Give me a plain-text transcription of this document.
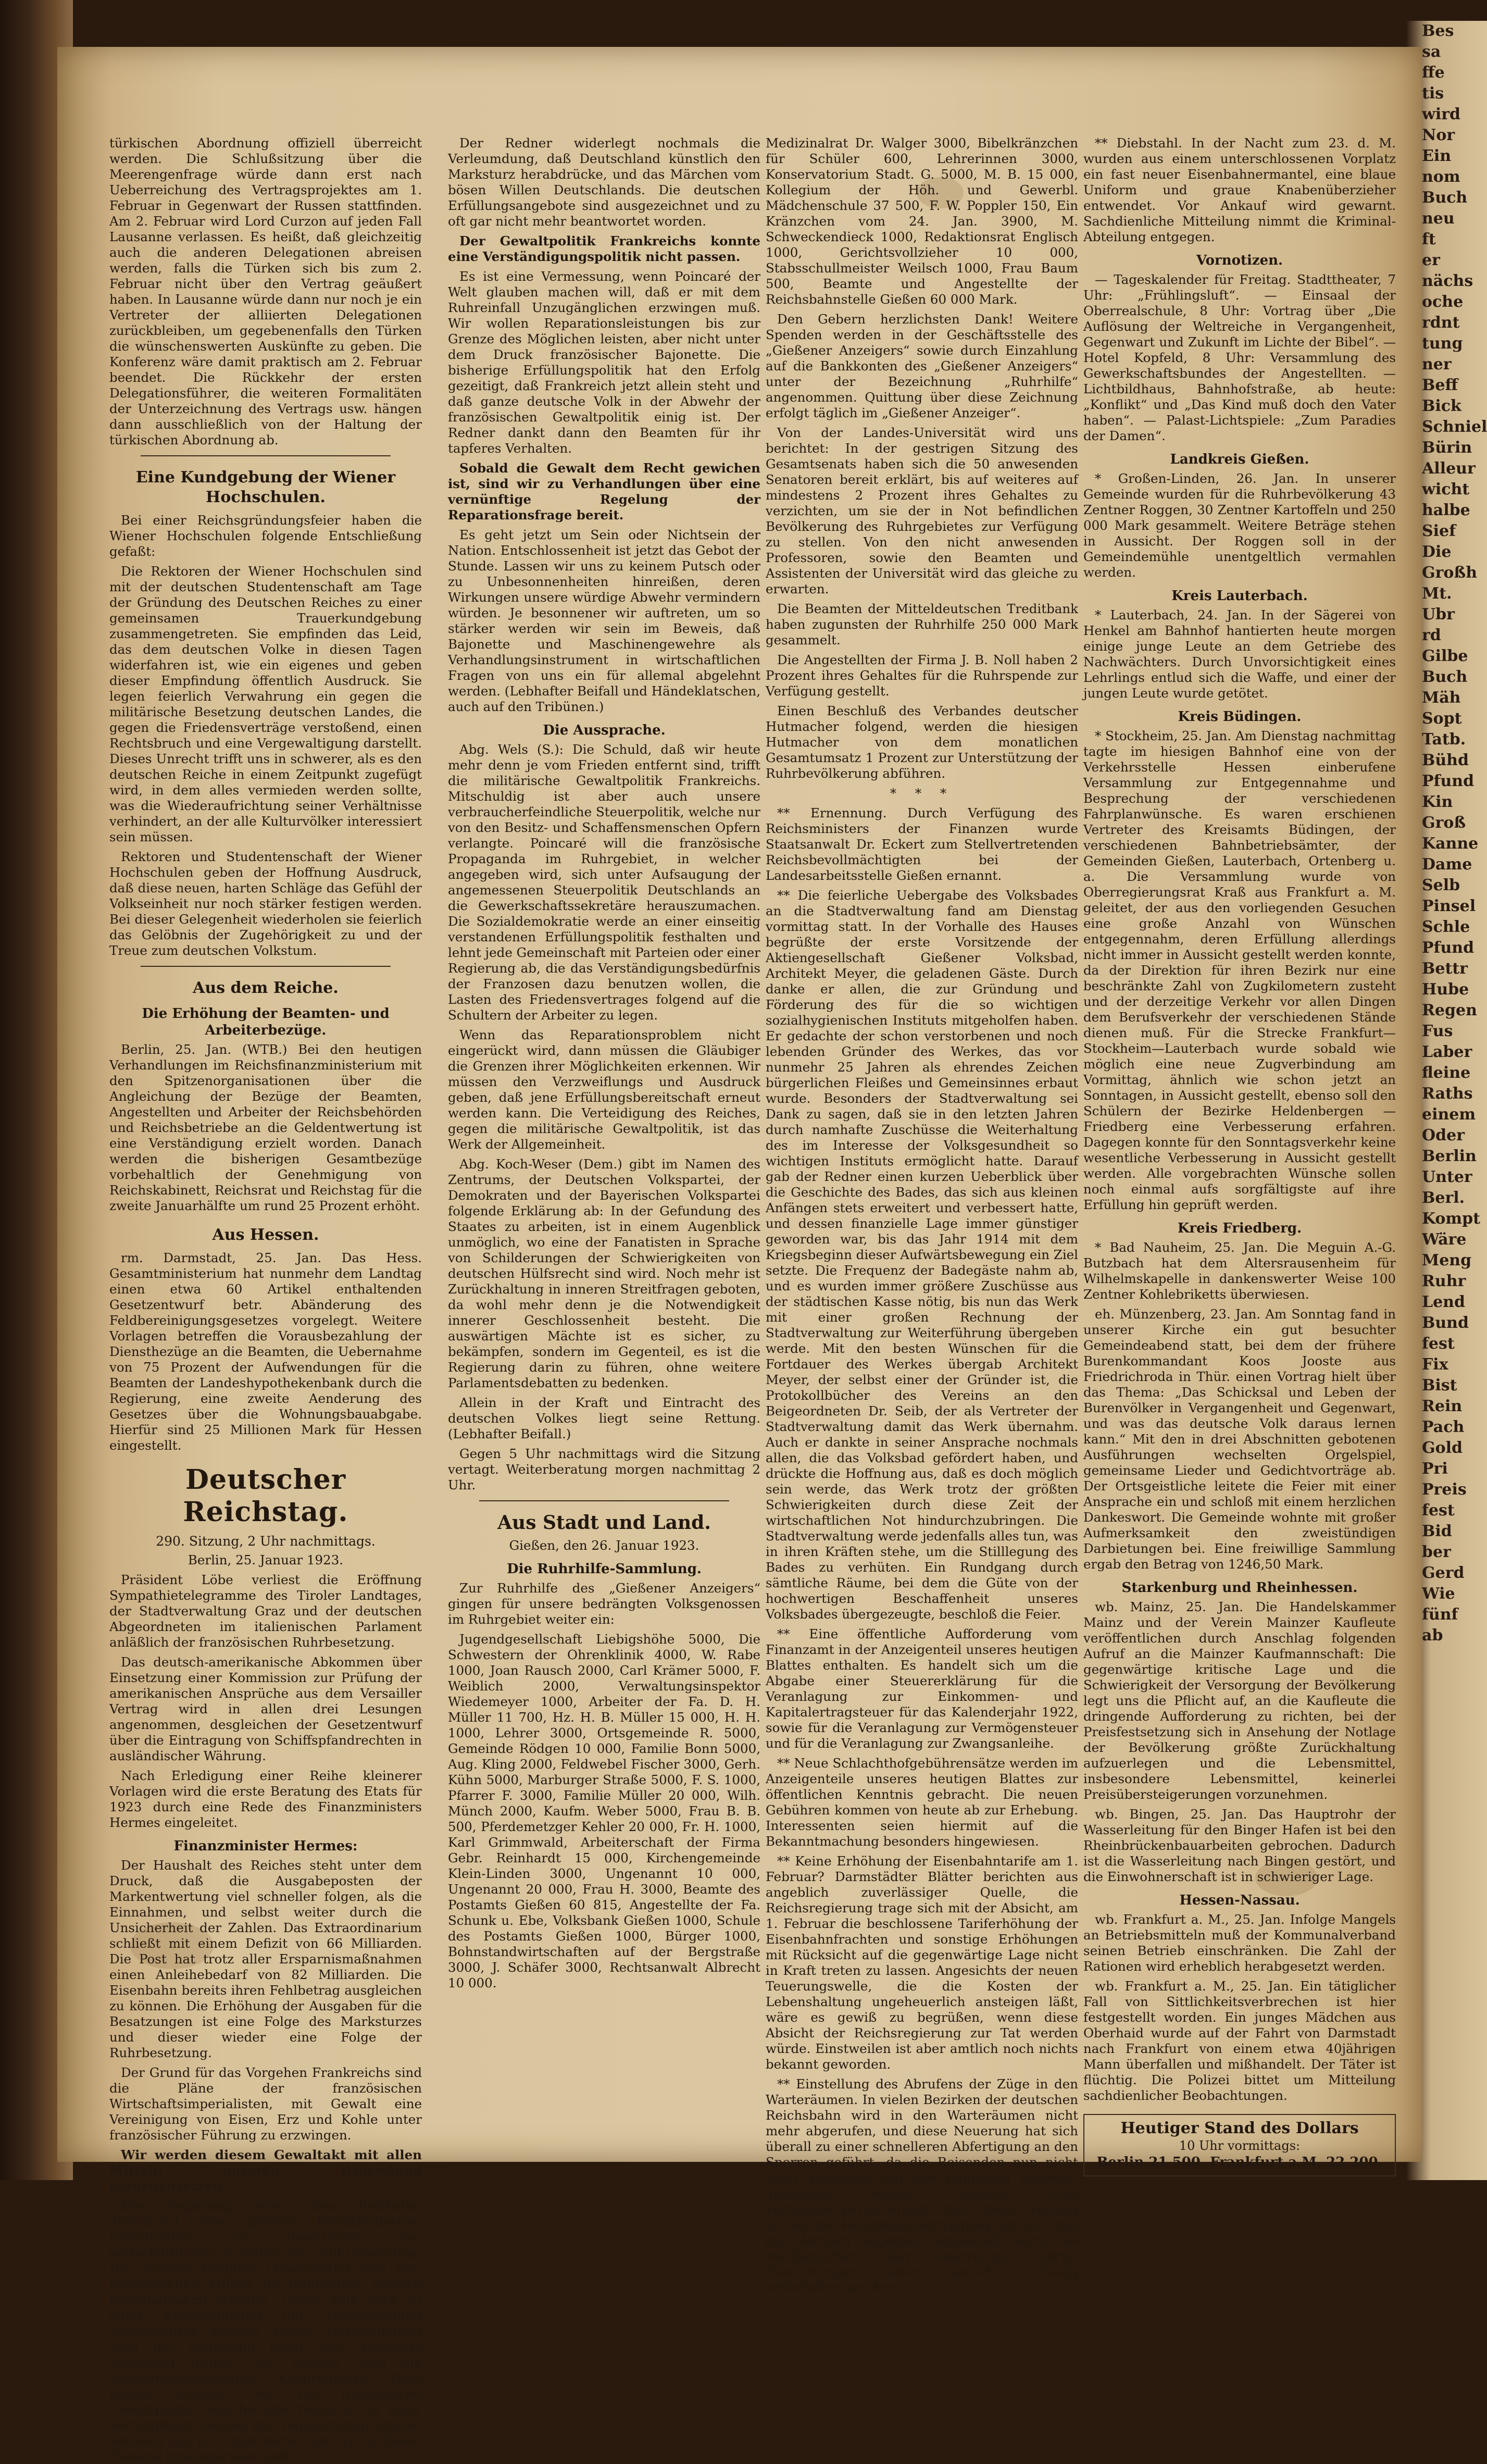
Bes
sa
ffe
tis
wird
Nor
Ein
nom
Buch
neu
ft
er
nächs
oche
rdnt
tung
ner
Beff
Bick
Schniel
Bürin
Alleur
wicht
halbe
Sief
Die
Großh
Mt.
Ubr
rd
Gilbe
Buch
Mäh
Sopt
Tatb.
Bühd
Pfund
Kin
Groß
Kanne
Dame
Selb
Pinsel
Schle
Pfund
Bettr
Hube
Regen
Fus
Laber
fleine
Raths
einem
Oder
Berlin
Unter
Berl.
Kompt
Wäre
Meng
Ruhr
Lend
Bund
fest
Fix
Bist
Rein
Pach
Gold
Pri
Preis
fest
Bid
ber
Gerd
Wie
fünf
ab

türkischen Abordnung offiziell überreicht werden. Die Schlußsitzung über die Meerengenfrage würde dann erst nach Ueberreichung des Vertragsprojektes am 1. Februar in Gegenwart der Russen stattfinden. Am 2. Februar wird Lord Curzon auf jeden Fall Lausanne verlassen. Es heißt, daß gleichzeitig auch die anderen Delegationen abreisen werden, falls die Türken sich bis zum 2. Februar nicht über den Vertrag geäußert haben. In Lausanne würde dann nur noch je ein Vertreter der alliierten Delegationen zurückbleiben, um gegebenenfalls den Türken die wünschenswerten Auskünfte zu geben. Die Konferenz wäre damit praktisch am 2. Februar beendet. Die Rückkehr der ersten Delegationsführer, die weiteren Formalitäten der Unterzeichnung des Vertrags usw. hängen dann ausschließlich von der Haltung der türkischen Abordnung ab.

Eine Kundgebung der Wiener Hochschulen.

Bei einer Reichsgründungsfeier haben die Wiener Hochschulen folgende Entschließung gefaßt:

Die Rektoren der Wiener Hochschulen sind mit der deutschen Studentenschaft am Tage der Gründung des Deutschen Reiches zu einer gemeinsamen Trauerkundgebung zusammengetreten. Sie empfinden das Leid, das dem deutschen Volke in diesen Tagen widerfahren ist, wie ein eigenes und geben dieser Empfindung öffentlich Ausdruck. Sie legen feierlich Verwahrung ein gegen die militärische Besetzung deutschen Landes, die gegen die Friedensverträge verstoßend, einen Rechtsbruch und eine Vergewaltigung darstellt. Dieses Unrecht trifft uns in schwerer, als es den deutschen Reiche in einem Zeitpunkt zugefügt wird, in dem alles vermieden werden sollte, was die Wiederaufrichtung seiner Verhältnisse verhindert, an der alle Kulturvölker interessiert sein müssen.

Rektoren und Studentenschaft der Wiener Hochschulen geben der Hoffnung Ausdruck, daß diese neuen, harten Schläge das Gefühl der Volkseinheit nur noch stärker festigen werden. Bei dieser Gelegenheit wiederholen sie feierlich das Gelöbnis der Zugehörigkeit zu und der Treue zum deutschen Volkstum.

Aus dem Reiche.
Die Erhöhung der Beamten- und Arbeiterbezüge.

Berlin, 25. Jan. (WTB.) Bei den heutigen Verhandlungen im Reichsfinanzministerium mit den Spitzenorganisationen über die Angleichung der Bezüge der Beamten, Angestellten und Arbeiter der Reichsbehörden und Reichsbetriebe an die Geldentwertung ist eine Verständigung erzielt worden. Danach werden die bisherigen Gesamtbezüge vorbehaltlich der Genehmigung von Reichskabinett, Reichsrat und Reichstag für die zweite Januarhälfte um rund 25 Prozent erhöht.

Aus Hessen.

rm. Darmstadt, 25. Jan. Das Hess. Gesamtministerium hat nunmehr dem Landtag einen etwa 60 Artikel enthaltenden Gesetzentwurf betr. Abänderung des Feldbereinigungsgesetzes vorgelegt. Weitere Vorlagen betreffen die Vorausbezahlung der Diensthezüge an die Beamten, die Uebernahme von 75 Prozent der Aufwendungen für die Beamten der Landeshypothekenbank durch die Regierung, eine zweite Aenderung des Gesetzes über die Wohnungsbauabgabe. Hierfür sind 25 Millionen Mark für Hessen eingestellt.

Deutscher Reichstag.
290. Sitzung, 2 Uhr nachmittags.

Berlin, 25. Januar 1923.

Präsident Löbe verliest die Eröffnung Sympathietelegramme des Tiroler Landtages, der Stadtverwaltung Graz und der deutschen Abgeordneten im italienischen Parlament anläßlich der französischen Ruhrbesetzung.

Das deutsch-amerikanische Abkommen über Einsetzung einer Kommission zur Prüfung der amerikanischen Ansprüche aus dem Versailler Vertrag wird in allen drei Lesungen angenommen, desgleichen der Gesetzentwurf über die Eintragung von Schiffspfandrechten in ausländischer Währung.

Nach Erledigung einer Reihe kleinerer Vorlagen wird die erste Beratung des Etats für 1923 durch eine Rede des Finanzministers Hermes eingeleitet.

Finanzminister Hermes:

Der Haushalt des Reiches steht unter dem Druck, daß die Ausgabeposten der Markentwertung viel schneller folgen, als die Einnahmen, und selbst weiter durch die Unsicherheit der Zahlen. Das Extraordinarium schließt mit einem Defizit von 66 Milliarden. Die Post hat trotz aller Ersparnismaßnahmen einen Anleihebedarf von 82 Milliarden. Die Eisenbahn bereits ihren Fehlbetrag ausgleichen zu können. Die Erhöhung der Ausgaben für die Besatzungen ist eine Folge des Marksturzes und dieser wieder eine Folge der Ruhrbesetzung.

Der Grund für das Vorgehen Frankreichs sind die Pläne der französischen Wirtschaftsimperialisten, mit Gewalt eine Vereinigung von Eisen, Erz und Kohle unter französischer Führung zu erzwingen.

Wir werden diesem Gewaltakt mit allen Mitteln unseren Widerstand entgegensetzen.

Die Regierung wird dem Reichstag demnächst eine größere Kreditforderung unterbreiten zur Beseitigung der wirtschaftlichen Schäden der Ruhrbesetzung. Die ohnehin knappen Lebensmittel sind vom französischen Militär im Ruhrgebiet vielfach beschlagnahmt worden. Unser Volk wird zu einer Einschränkung der Lebenshaltung zurückkehren müssen. Dieser Notwendigkeit wird die Regierung durch ein Notgesetz Rechnung tragen. Wir werden auch die zusammenbrechenden Kleinrentnern Hilfe leisten müssen. Nur die französische Gewaltpolitik, welche alle Versuche zu einer vernünftigen Lösung der Reparationsprobleme vereitelt hat, ist schuld daran, daß wir in diesen Zustand hineingeraten sind.

Der Redner widerlegt nochmals die Verleumdung, daß Deutschland künstlich den Marksturz herabdrücke, und das Märchen vom bösen Willen Deutschlands. Die deutschen Erfüllungsangebote sind ausgezeichnet und zu oft gar nicht mehr beantwortet worden.

Der Gewaltpolitik Frankreichs konnte eine Verständigungspolitik nicht passen.

Es ist eine Vermessung, wenn Poincaré der Welt glauben machen will, daß er mit dem Ruhreinfall Unzugänglichen erzwingen muß. Wir wollen Reparationsleistungen bis zur Grenze des Möglichen leisten, aber nicht unter dem Druck französischer Bajonette. Die bisherige Erfüllungspolitik hat den Erfolg gezeitigt, daß Frankreich jetzt allein steht und daß ganze deutsche Volk in der Abwehr der französischen Gewaltpolitik einig ist. Der Redner dankt dann den Beamten für ihr tapferes Verhalten.

Sobald die Gewalt dem Recht gewichen ist, sind wir zu Verhandlungen über eine vernünftige Regelung der Reparationsfrage bereit.

Es geht jetzt um Sein oder Nichtsein der Nation. Entschlossenheit ist jetzt das Gebot der Stunde. Lassen wir uns zu keinem Putsch oder zu Unbesonnenheiten hinreißen, deren Wirkungen unsere würdige Abwehr vermindern würden. Je besonnener wir auftreten, um so stärker werden wir sein im Beweis, daß Bajonette und Maschinengewehre als Verhandlungsinstrument in wirtschaftlichen Fragen von uns ein für allemal abgelehnt werden. (Lebhafter Beifall und Händeklatschen, auch auf den Tribünen.)

Die Aussprache.

Abg. Wels (S.): Die Schuld, daß wir heute mehr denn je vom Frieden entfernt sind, trifft die militärische Gewaltpolitik Frankreichs. Mitschuldig ist aber auch unsere verbraucherfeindliche Steuerpolitik, welche nur von den Besitz- und Schaffensmenschen Opfern verlangte. Poincaré will die französische Propaganda im Ruhrgebiet, in welcher angegeben wird, sich unter Aufsaugung der angemessenen Steuerpolitik Deutschlands an die Gewerkschaftssekretäre herauszumachen. Die Sozialdemokratie werde an einer einseitig verstandenen Erfüllungspolitik festhalten und lehnt jede Gemeinschaft mit Parteien oder einer Regierung ab, die das Verständigungsbedürfnis der Franzosen dazu benutzen wollen, die Lasten des Friedensvertrages folgend auf die Schultern der Arbeiter zu legen.

Wenn das Reparationsproblem nicht eingerückt wird, dann müssen die Gläubiger die Grenzen ihrer Möglichkeiten erkennen. Wir müssen den Verzweiflungs und Ausdruck geben, daß jene Erfüllungsbereitschaft erneut werden kann. Die Verteidigung des Reiches, gegen die militärische Gewaltpolitik, ist das Werk der Allgemeinheit.

Abg. Koch-Weser (Dem.) gibt im Namen des Zentrums, der Deutschen Volkspartei, der Demokraten und der Bayerischen Volkspartei folgende Erklärung ab: In der Gefundung des Staates zu arbeiten, ist in einem Augenblick unmöglich, wo eine der Fanatisten in Sprache von Schilderungen der Schwierigkeiten von deutschen Hülfsrecht sind wird. Noch mehr ist Zurückhaltung in inneren Streitfragen geboten, da wohl mehr denn je die Notwendigkeit innerer Geschlossenheit besteht. Die auswärtigen Mächte ist es sicher, zu bekämpfen, sondern im Gegenteil, es ist die Regierung darin zu führen, ohne weitere Parlamentsdebatten zu bedenken.

Allein in der Kraft und Eintracht des deutschen Volkes liegt seine Rettung. (Lebhafter Beifall.)

Gegen 5 Uhr nachmittags wird die Sitzung vertagt. Weiterberatung morgen nachmittag 2 Uhr.

Aus Stadt und Land.

Gießen, den 26. Januar 1923.

Die Ruhrhilfe-Sammlung.

Zur Ruhrhilfe des „Gießener Anzeigers“ gingen für unsere bedrängten Volksgenossen im Ruhrgebiet weiter ein:

Jugendgesellschaft Liebigshöhe 5000, Die Schwestern der Ohrenklinik 4000, W. Rabe 1000, Joan Rausch 2000, Carl Krämer 5000, F. Weiblich 2000, Verwaltungsinspektor Wiedemeyer 1000, Arbeiter der Fa. D. H. Müller 11 700, Hz. H. B. Müller 15 000, H. H. 1000, Lehrer 3000, Ortsgemeinde R. 5000, Gemeinde Rödgen 10 000, Familie Bonn 5000, Aug. Kling 2000, Feldwebel Fischer 3000, Gerh. Kühn 5000, Marburger Straße 5000, F. S. 1000, Pfarrer F. 3000, Familie Müller 20 000, Wilh. Münch 2000, Kaufm. Weber 5000, Frau B. B. 500, Pferdemetzger Kehler 20 000, Fr. H. 1000, Karl Grimmwald, Arbeiterschaft der Firma Gebr. Reinhardt 15 000, Kirchengemeinde Klein-Linden 3000, Ungenannt 10 000, Ungenannt 20 000, Frau H. 3000, Beamte des Postamts Gießen 60 815, Angestellte der Fa. Schunk u. Ebe, Volksbank Gießen 1000, Schule des Postamts Gießen 1000, Bürger 1000, Bohnstandwirtschaften auf der Bergstraße 3000, J. Schäfer 3000, Rechtsanwalt Albrecht 10 000.

Medizinalrat Dr. Walger 3000, Bibelkränzchen für Schüler 600, Lehrerinnen 3000, Konservatorium Stadt. G. 5000, M. B. 15 000, Kollegium der Höh. und Gewerbl. Mädchenschule 37 500, F. W. Poppler 150, Ein Kränzchen vom 24. Jan. 3900, M. Schweckendieck 1000, Redaktionsrat Englisch 1000, Gerichtsvollzieher 10 000, Stabsschullmeister Weilsch 1000, Frau Baum 500, Beamte und Angestellte der Reichsbahnstelle Gießen 60 000 Mark.

Den Gebern herzlichsten Dank! Weitere Spenden werden in der Geschäftsstelle des „Gießener Anzeigers“ sowie durch Einzahlung auf die Bankkonten des „Gießener Anzeigers“ unter der Bezeichnung „Ruhrhilfe“ angenommen. Quittung über diese Zeichnung erfolgt täglich im „Gießener Anzeiger“.

Von der Landes-Universität wird uns berichtet: In der gestrigen Sitzung des Gesamtsenats haben sich die 50 anwesenden Senatoren bereit erklärt, bis auf weiteres auf mindestens 2 Prozent ihres Gehaltes zu verzichten, um sie der in Not befindlichen Bevölkerung des Ruhrgebietes zur Verfügung zu stellen. Von den nicht anwesenden Professoren, sowie den Beamten und Assistenten der Universität wird das gleiche zu erwarten.

Die Beamten der Mitteldeutschen Treditbank haben zugunsten der Ruhrhilfe 250 000 Mark gesammelt.

Die Angestellten der Firma J. B. Noll haben 2 Prozent ihres Gehaltes für die Ruhrspende zur Verfügung gestellt.

Einen Beschluß des Verbandes deutscher Hutmacher folgend, werden die hiesigen Hutmacher von dem monatlichen Gesamtumsatz 1 Prozent zur Unterstützung der Ruhrbevölkerung abführen.

* * *

** Ernennung. Durch Verfügung des Reichsministers der Finanzen wurde Staatsanwalt Dr. Eckert zum Stellvertretenden Reichsbevollmächtigten bei der Landesarbeitsstelle Gießen ernannt.

** Die feierliche Uebergabe des Volksbades an die Stadtverwaltung fand am Dienstag vormittag statt. In der Vorhalle des Hauses begrüßte der erste Vorsitzende der Aktiengesellschaft Gießener Volksbad, Architekt Meyer, die geladenen Gäste. Durch danke er allen, die zur Gründung und Förderung des für die so wichtigen sozialhygienischen Instituts mitgeholfen haben. Er gedachte der schon verstorbenen und noch lebenden Gründer des Werkes, das vor nunmehr 25 Jahren als ehrendes Zeichen bürgerlichen Fleißes und Gemeinsinnes erbaut wurde. Besonders der Stadtverwaltung sei Dank zu sagen, daß sie in den letzten Jahren durch namhafte Zuschüsse die Weiterhaltung des im Interesse der Volksgesundheit so wichtigen Instituts ermöglicht hatte. Darauf gab der Redner einen kurzen Ueberblick über die Geschichte des Bades, das sich aus kleinen Anfängen stets erweitert und verbessert hatte, und dessen finanzielle Lage immer günstiger geworden war, bis das Jahr 1914 mit dem Kriegsbeginn dieser Aufwärtsbewegung ein Ziel setzte. Die Frequenz der Badegäste nahm ab, und es wurden immer größere Zuschüsse aus der städtischen Kasse nötig, bis nun das Werk mit einer großen Rechnung der Stadtverwaltung zur Weiterführung übergeben werde. Mit den besten Wünschen für die Fortdauer des Werkes übergab Architekt Meyer, der selbst einer der Gründer ist, die Protokollbücher des Vereins an den Beigeordneten Dr. Seib, der als Vertreter der Stadtverwaltung damit das Werk übernahm. Auch er dankte in seiner Ansprache nochmals allen, die das Volksbad gefördert haben, und drückte die Hoffnung aus, daß es doch möglich sein werde, das Werk trotz der größten Schwierigkeiten durch diese Zeit der wirtschaftlichen Not hindurchzubringen. Die Stadtverwaltung werde jedenfalls alles tun, was in ihren Kräften stehe, um die Stilllegung des Bades zu verhüten. Ein Rundgang durch sämtliche Räume, bei dem die Güte von der hochwertigen Beschaffenheit unseres Volksbades übergezeugte, beschloß die Feier.

** Eine öffentliche Aufforderung vom Finanzamt in der Anzeigenteil unseres heutigen Blattes enthalten. Es handelt sich um die Abgabe einer Steuererklärung für die Veranlagung zur Einkommen- und Kapitalertragsteuer für das Kalenderjahr 1922, sowie für die Veranlagung zur Vermögensteuer und für die Veranlagung zur Zwangsanleihe.

** Neue Schlachthofgebührensätze werden im Anzeigenteile unseres heutigen Blattes zur öffentlichen Kenntnis gebracht. Die neuen Gebühren kommen von heute ab zur Erhebung. Interessenten seien hiermit auf die Bekanntmachung besonders hingewiesen.

** Keine Erhöhung der Eisenbahntarife am 1. Februar? Darmstädter Blätter berichten aus angeblich zuverlässiger Quelle, die Reichsregierung trage sich mit der Absicht, am 1. Februar die beschlossene Tariferhöhung der Eisenbahnfrachten und sonstige Erhöhungen mit Rücksicht auf die gegenwärtige Lage nicht in Kraft treten zu lassen. Angesichts der neuen Teuerungswelle, die die Kosten der Lebenshaltung ungeheuerlich ansteigen läßt, wäre es gewiß zu begrüßen, wenn diese Absicht der Reichsregierung zur Tat werden würde. Einstweilen ist aber amtlich noch nichts bekannt geworden.

** Einstellung des Abrufens der Züge in den Warteräumen. In vielen Bezirken der deutschen Reichsbahn wird in den Warteräumen nicht mehr abgerufen, und diese Neuerung hat sich überall zu einer schnelleren Abfertigung an den Sperren geführt, da die Reisenden nun nicht mehr stoßweise auf den Bahnsteig stürmen; außerdem wurde dadurch eine Personalersparnis erzielt. Auch diese Ordnung ist bei der Reichsbahnverwaltung mitteilt, daß das Abrufen allgemein eingestellt wird; die mechanischen oder elektrischen Abruf-Einrichtungen sollen jedoch vorläufig beibehalten werden.

** Diebstahl. In der Nacht zum 23. d. M. wurden aus einem unterschlossenen Vorplatz ein fast neuer Eisenbahnermantel, eine blaue Uniform und graue Knabenüberzieher entwendet. Vor Ankauf wird gewarnt. Sachdienliche Mitteilung nimmt die Kriminal-Abteilung entgegen.

Vornotizen.

— Tageskalender für Freitag. Stadttheater, 7 Uhr: „Frühlingsluft“. — Einsaal der Oberrealschule, 8 Uhr: Vortrag über „Die Auflösung der Weltreiche in Vergangenheit, Gegenwart und Zukunft im Lichte der Bibel“. — Hotel Kopfeld, 8 Uhr: Versammlung des Gewerkschaftsbundes der Angestellten. — Lichtbildhaus, Bahnhofstraße, ab heute: „Konflikt“ und „Das Kind muß doch den Vater haben“. — Palast-Lichtspiele: „Zum Paradies der Damen“.

Landkreis Gießen.

* Großen-Linden, 26. Jan. In unserer Gemeinde wurden für die Ruhrbevölkerung 43 Zentner Roggen, 30 Zentner Kartoffeln und 250 000 Mark gesammelt. Weitere Beträge stehen in Aussicht. Der Roggen soll in der Gemeindemühle unentgeltlich vermahlen werden.

Kreis Lauterbach.

* Lauterbach, 24. Jan. In der Sägerei von Henkel am Bahnhof hantierten heute morgen einige junge Leute an dem Getriebe des Nachwächters. Durch Unvorsichtigkeit eines Lehrlings entlud sich die Waffe, und einer der jungen Leute wurde getötet.

Kreis Büdingen.

* Stockheim, 25. Jan. Am Dienstag nachmittag tagte im hiesigen Bahnhof eine von der Verkehrsstelle Hessen einberufene Versammlung zur Entgegennahme und Besprechung der verschiedenen Fahrplanwünsche. Es waren erschienen Vertreter des Kreisamts Büdingen, der verschiedenen Bahnbetriebsämter, der Gemeinden Gießen, Lauterbach, Ortenberg u. a. Die Versammlung wurde von Oberregierungsrat Kraß aus Frankfurt a. M. geleitet, der aus den vorliegenden Gesuchen eine große Anzahl von Wünschen entgegennahm, deren Erfüllung allerdings nicht immer in Aussicht gestellt werden konnte, da der Direktion für ihren Bezirk nur eine beschränkte Zahl von Zugkilometern zusteht und der derzeitige Verkehr vor allen Dingen dem Berufsverkehr der verschiedenen Stände dienen muß. Für die Strecke Frankfurt—Stockheim—Lauterbach wurde sobald wie möglich eine neue Zugverbindung am Vormittag, ähnlich wie schon jetzt an Sonntagen, in Aussicht gestellt, ebenso soll den Schülern der Bezirke Heldenbergen — Friedberg eine Verbesserung erfahren. Dagegen konnte für den Sonntagsverkehr keine wesentliche Verbesserung in Aussicht gestellt werden. Alle vorgebrachten Wünsche sollen noch einmal aufs sorgfältigste auf ihre Erfüllung hin geprüft werden.

Kreis Friedberg.

* Bad Nauheim, 25. Jan. Die Meguin A.-G. Butzbach hat dem Altersrausenheim für Wilhelmskapelle in dankenswerter Weise 100 Zentner Kohlebriketts überwiesen.

eh. Münzenberg, 23. Jan. Am Sonntag fand in unserer Kirche ein gut besuchter Gemeindeabend statt, bei dem der frühere Burenkommandant Koos Jooste aus Friedrichroda in Thür. einen Vortrag hielt über das Thema: „Das Schicksal und Leben der Burenvölker in Vergangenheit und Gegenwart, und was das deutsche Volk daraus lernen kann.“ Mit den in drei Abschnitten gebotenen Ausführungen wechselten Orgelspiel, gemeinsame Lieder und Gedichtvorträge ab. Der Ortsgeistliche leitete die Feier mit einer Ansprache ein und schloß mit einem herzlichen Dankeswort. Die Gemeinde wohnte mit großer Aufmerksamkeit den zweistündigen Darbietungen bei. Eine freiwillige Sammlung ergab den Betrag von 1246,50 Mark.

Starkenburg und Rheinhessen.

wb. Mainz, 25. Jan. Die Handelskammer Mainz und der Verein Mainzer Kaufleute veröffentlichen durch Anschlag folgenden Aufruf an die Mainzer Kaufmannschaft: Die gegenwärtige kritische Lage und die Schwierigkeit der Versorgung der Bevölkerung legt uns die Pflicht auf, an die Kaufleute die dringende Aufforderung zu richten, bei der Preisfestsetzung sich in Ansehung der Notlage der Bevölkerung größte Zurückhaltung aufzuerlegen und die Lebensmittel, insbesondere Lebensmittel, keinerlei Preisübersteigerungen vorzunehmen.

wb. Bingen, 25. Jan. Das Hauptrohr der Wasserleitung für den Binger Hafen ist bei den Rheinbrückenbauarbeiten gebrochen. Dadurch ist die Wasserleitung nach Bingen gestört, und die Einwohnerschaft ist in schwieriger Lage.

Hessen-Nassau.

wb. Frankfurt a. M., 25. Jan. Infolge Mangels an Betriebsmitteln muß der Kommunalverband seinen Betrieb einschränken. Die Zahl der Rationen wird erheblich herabgesetzt werden.

wb. Frankfurt a. M., 25. Jan. Ein tätiglicher Fall von Sittlichkeitsverbrechen ist hier festgestellt worden. Ein junges Mädchen aus Oberhaid wurde auf der Fahrt von Darmstadt nach Frankfurt von einem etwa 40jährigen Mann überfallen und mißhandelt. Der Täter ist flüchtig. Die Polizei bittet um Mitteilung sachdienlicher Beobachtungen.

Heutiger Stand des Dollars
10 Uhr vormittags:
Berlin 21 500. Frankfurt a.M. 22 200.
